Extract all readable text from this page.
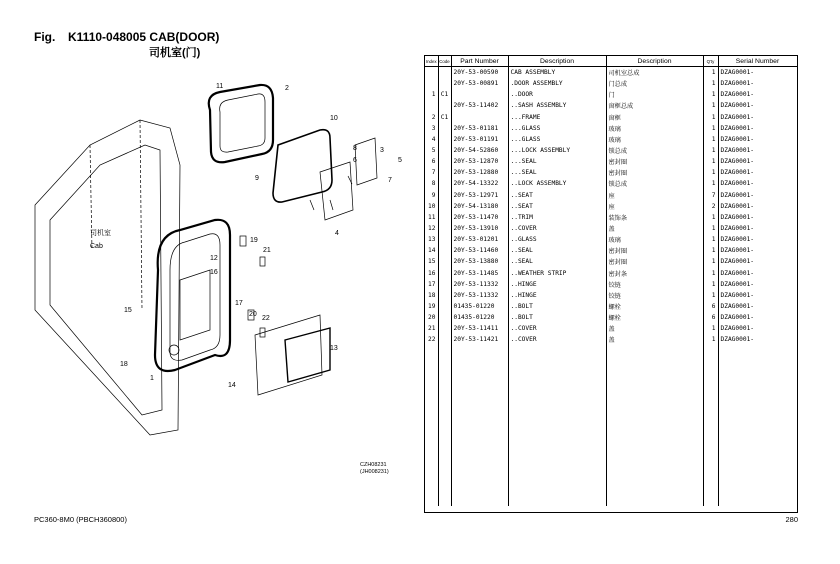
Fig. K1110-048005 CAB(DOOR)
司机室(门)
11	2
10
8
6
3
9
5
4
7
19
21
12
15
18
1
17
20
22
16
13
14
司机室
Cab
CZH08231
(JH008231)
Index	Code	Part Number	Description	Description	Q'ty	Serial Number
		20Y-53-00590	CAB ASSEMBLY	司机室总成	1	DZAG0001-
		20Y-53-00891	.DOOR ASSEMBLY	门总成	1	DZAG0001-
1	C1		..DOOR	门	1	DZAG0001-
		20Y-53-11402	..SASH ASSEMBLY	窗框总成	1	DZAG0001-
2	C1		...FRAME	窗框	1	DZAG0001-
3		20Y-53-01181	...GLASS	玻璃	1	DZAG0001-
4		20Y-53-01191	...GLASS	玻璃	1	DZAG0001-
5		20Y-54-52860	...LOCK ASSEMBLY	锁总成	1	DZAG0001-
6		20Y-53-12870	...SEAL	密封圈	1	DZAG0001-
7		20Y-53-12880	...SEAL	密封圈	1	DZAG0001-
8		20Y-54-13322	..LOCK ASSEMBLY	锁总成	1	DZAG0001-
9		20Y-53-12971	..SEAT	座	7	DZAG0001-
10		20Y-54-13180	..SEAT	座	2	DZAG0001-
11		20Y-53-11470	..TRIM	装饰条	1	DZAG0001-
12		20Y-53-13910	..COVER	盖	1	DZAG0001-
13		20Y-53-01201	..GLASS	玻璃	1	DZAG0001-
14		20Y-53-11460	..SEAL	密封圈	1	DZAG0001-
15		20Y-53-13880	..SEAL	密封圈	1	DZAG0001-
16		20Y-53-11485	..WEATHER STRIP	密封条	1	DZAG0001-
17		20Y-53-11332	..HINGE	铰链	1	DZAG0001-
18		20Y-53-11332	..HINGE	铰链	1	DZAG0001-
19		01435-01220	..BOLT	螺栓	6	DZAG0001-
20		01435-01220	..BOLT	螺栓	6	DZAG0001-
21		20Y-53-11411	..COVER	盖	1	DZAG0001-
22		20Y-53-11421	..COVER	盖	1	DZAG0001-

PC360-8M0 (PBCH360800)	280
